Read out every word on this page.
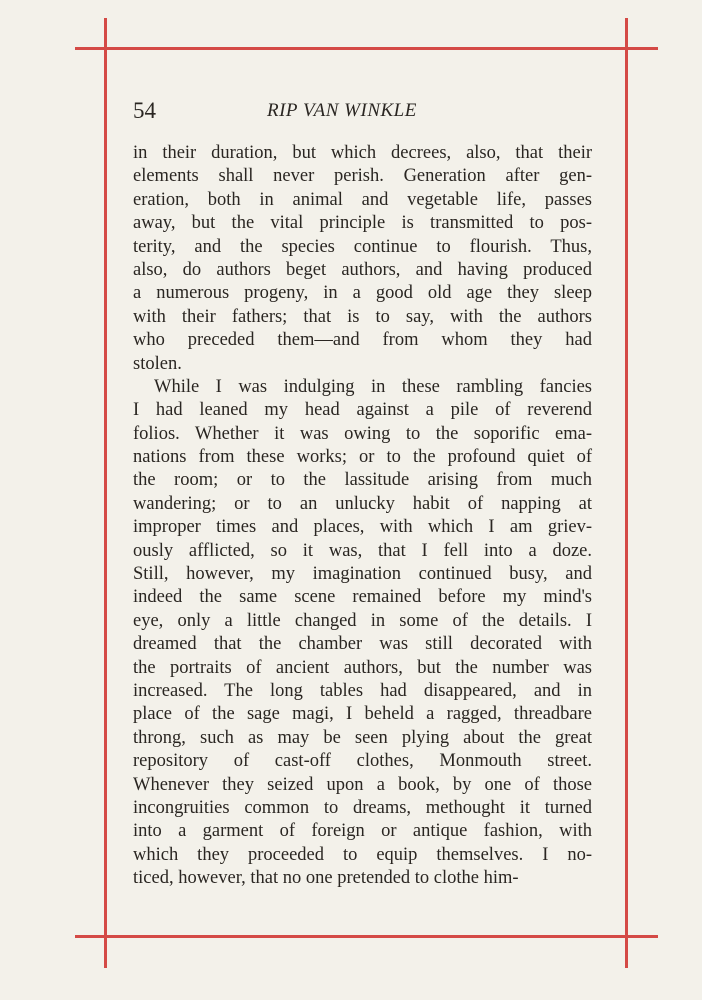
54	RIP VAN WINKLE
in their duration, but which decrees, also, that their
elements shall never perish. Generation after gen-
eration, both in animal and vegetable life, passes
away, but the vital principle is transmitted to pos-
terity, and the species continue to flourish. Thus,
also, do authors beget authors, and having produced
a numerous progeny, in a good old age they sleep
with their fathers; that is to say, with the authors
who preceded them—and from whom they had
stolen.
While I was indulging in these rambling fancies
I had leaned my head against a pile of reverend
folios. Whether it was owing to the soporific ema-
nations from these works; or to the profound quiet of
the room; or to the lassitude arising from much
wandering; or to an unlucky habit of napping at
improper times and places, with which I am griev-
ously afflicted, so it was, that I fell into a doze.
Still, however, my imagination continued busy, and
indeed the same scene remained before my mind's
eye, only a little changed in some of the details. I
dreamed that the chamber was still decorated with
the portraits of ancient authors, but the number was
increased. The long tables had disappeared, and in
place of the sage magi, I beheld a ragged, threadbare
throng, such as may be seen plying about the great
repository of cast-off clothes, Monmouth street.
Whenever they seized upon a book, by one of those
incongruities common to dreams, methought it turned
into a garment of foreign or antique fashion, with
which they proceeded to equip themselves. I no-
ticed, however, that no one pretended to clothe him-
